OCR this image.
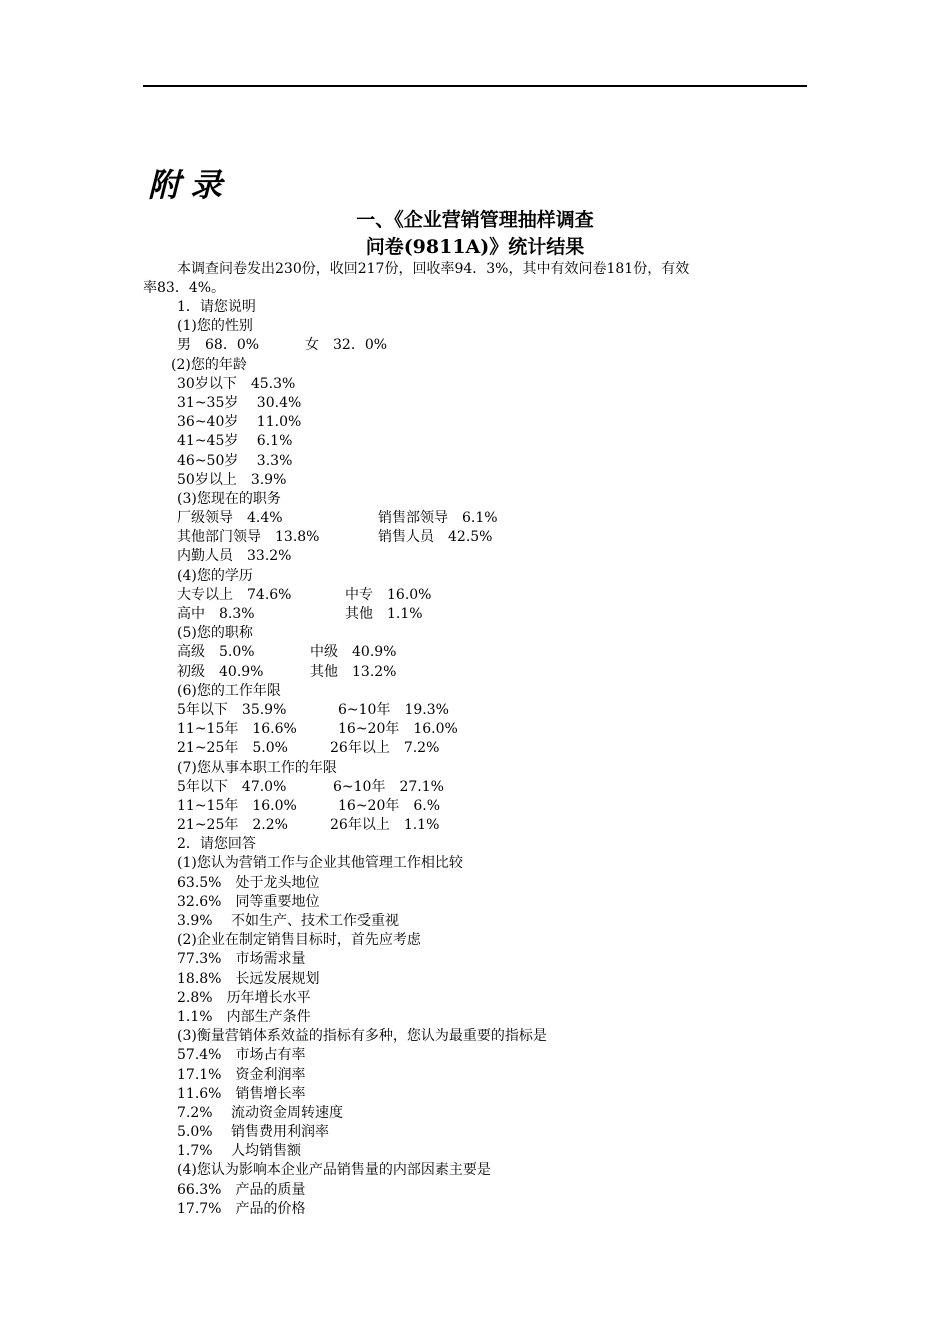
附录
一、《企业营销管理抽样调查
问卷(9811A)》统计结果
本调查问卷发出230份，收回217份，回收率94．3%，其中有效问卷181份，有效
率83．4%。
1．请您说明
(1)您的性别
男　68．0%	女　32．0%
(2)您的年龄
30岁以下　45.3%
31~35岁　 30.4%
36~40岁　 11.0%
41~45岁　 6.1%
46~50岁　 3.3%
50岁以上　3.9%
(3)您现在的职务
厂级领导　4.4%	销售部领导　6.1%
其他部门领导　13.8%	销售人员　42.5%
内勤人员　33.2%
(4)您的学历
大专以上　74.6%	中专　16.0%
高中　8.3%	其他　1.1%
(5)您的职称
高级　5.0%	中级　40.9%
初级　40.9%	其他　13.2%
(6)您的工作年限
5年以下　35.9%	6~10年　19.3%
11~15年　16.6%	16~20年　16.0%
21~25年　5.0%	26年以上　7.2%
(7)您从事本职工作的年限
5年以下　47.0%	6~10年　27.1%
11~15年　16.0%	16~20年　6.%
21~25年　2.2%	26年以上　1.1%
2．请您回答
(1)您认为营销工作与企业其他管理工作相比较
63.5%　处于龙头地位
32.6%　同等重要地位
3.9%　 不如生产、技术工作受重视
(2)企业在制定销售目标时，首先应考虑
77.3%　市场需求量
18.8%　长远发展规划
2.8%　历年增长水平
1.1%　内部生产条件
(3)衡量营销体系效益的指标有多种，您认为最重要的指标是
57.4%　市场占有率
17.1%　资金利润率
11.6%　销售增长率
7.2%　 流动资金周转速度
5.0%　 销售费用利润率
1.7%　 人均销售额
(4)您认为影响本企业产品销售量的内部因素主要是
66.3%　产品的质量
17.7%　产品的价格
